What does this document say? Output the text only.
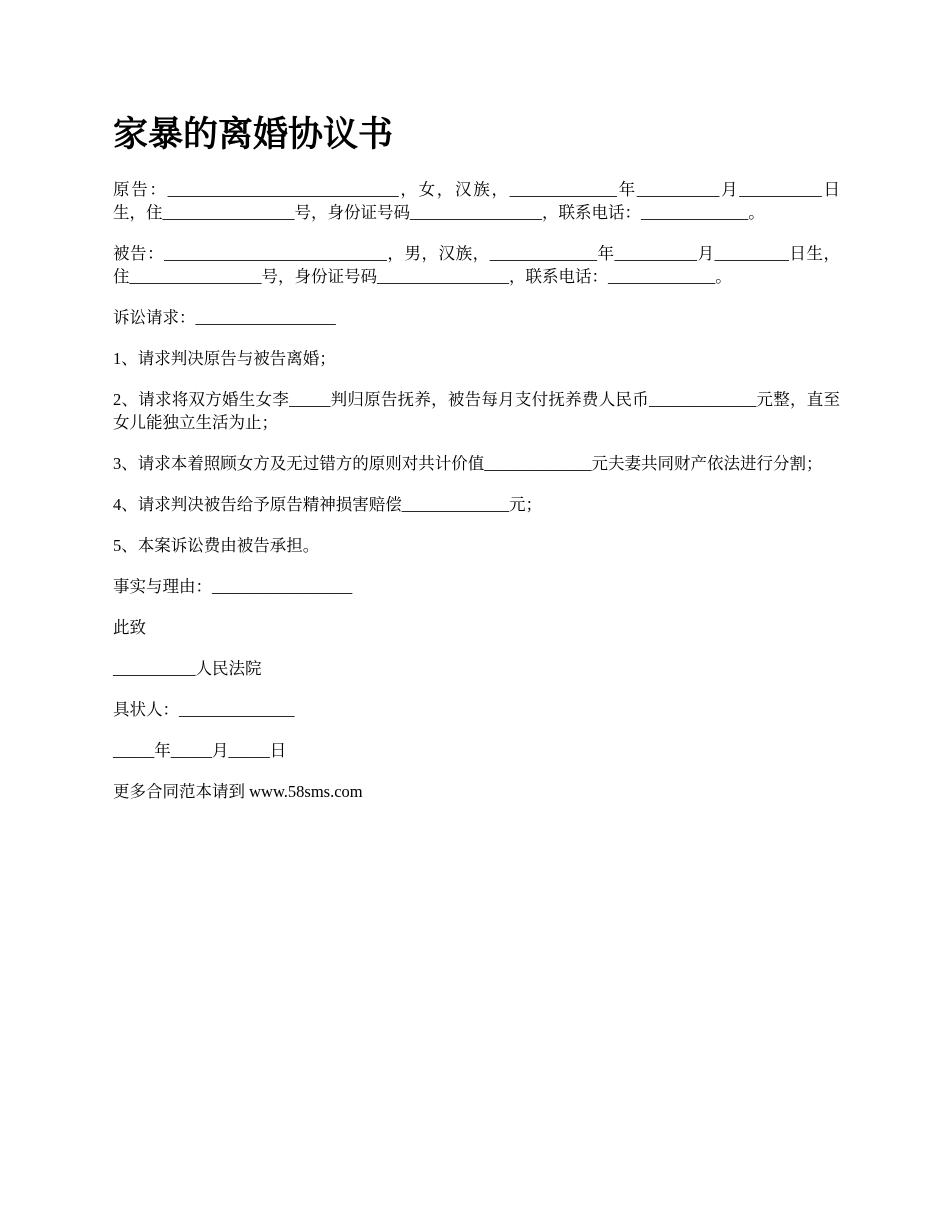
家暴的离婚协议书

原告：____________________________，女，汉族，_____________年__________月__________日生，住________________号，身份证号码________________，联系电话：_____________。

被告：___________________________，男，汉族，_____________年__________月_________日生，住________________号，身份证号码________________，联系电话：_____________。

诉讼请求：_________________

1、请求判决原告与被告离婚；

2、请求将双方婚生女李_____判归原告抚养，被告每月支付抚养费人民币_____________元整，直至女儿能独立生活为止；

3、请求本着照顾女方及无过错方的原则对共计价值_____________元夫妻共同财产依法进行分割；

4、请求判决被告给予原告精神损害赔偿_____________元；

5、本案诉讼费由被告承担。

事实与理由：_________________

此致

__________人民法院

具状人：______________

_____年_____月_____日

更多合同范本请到 www.58sms.com
